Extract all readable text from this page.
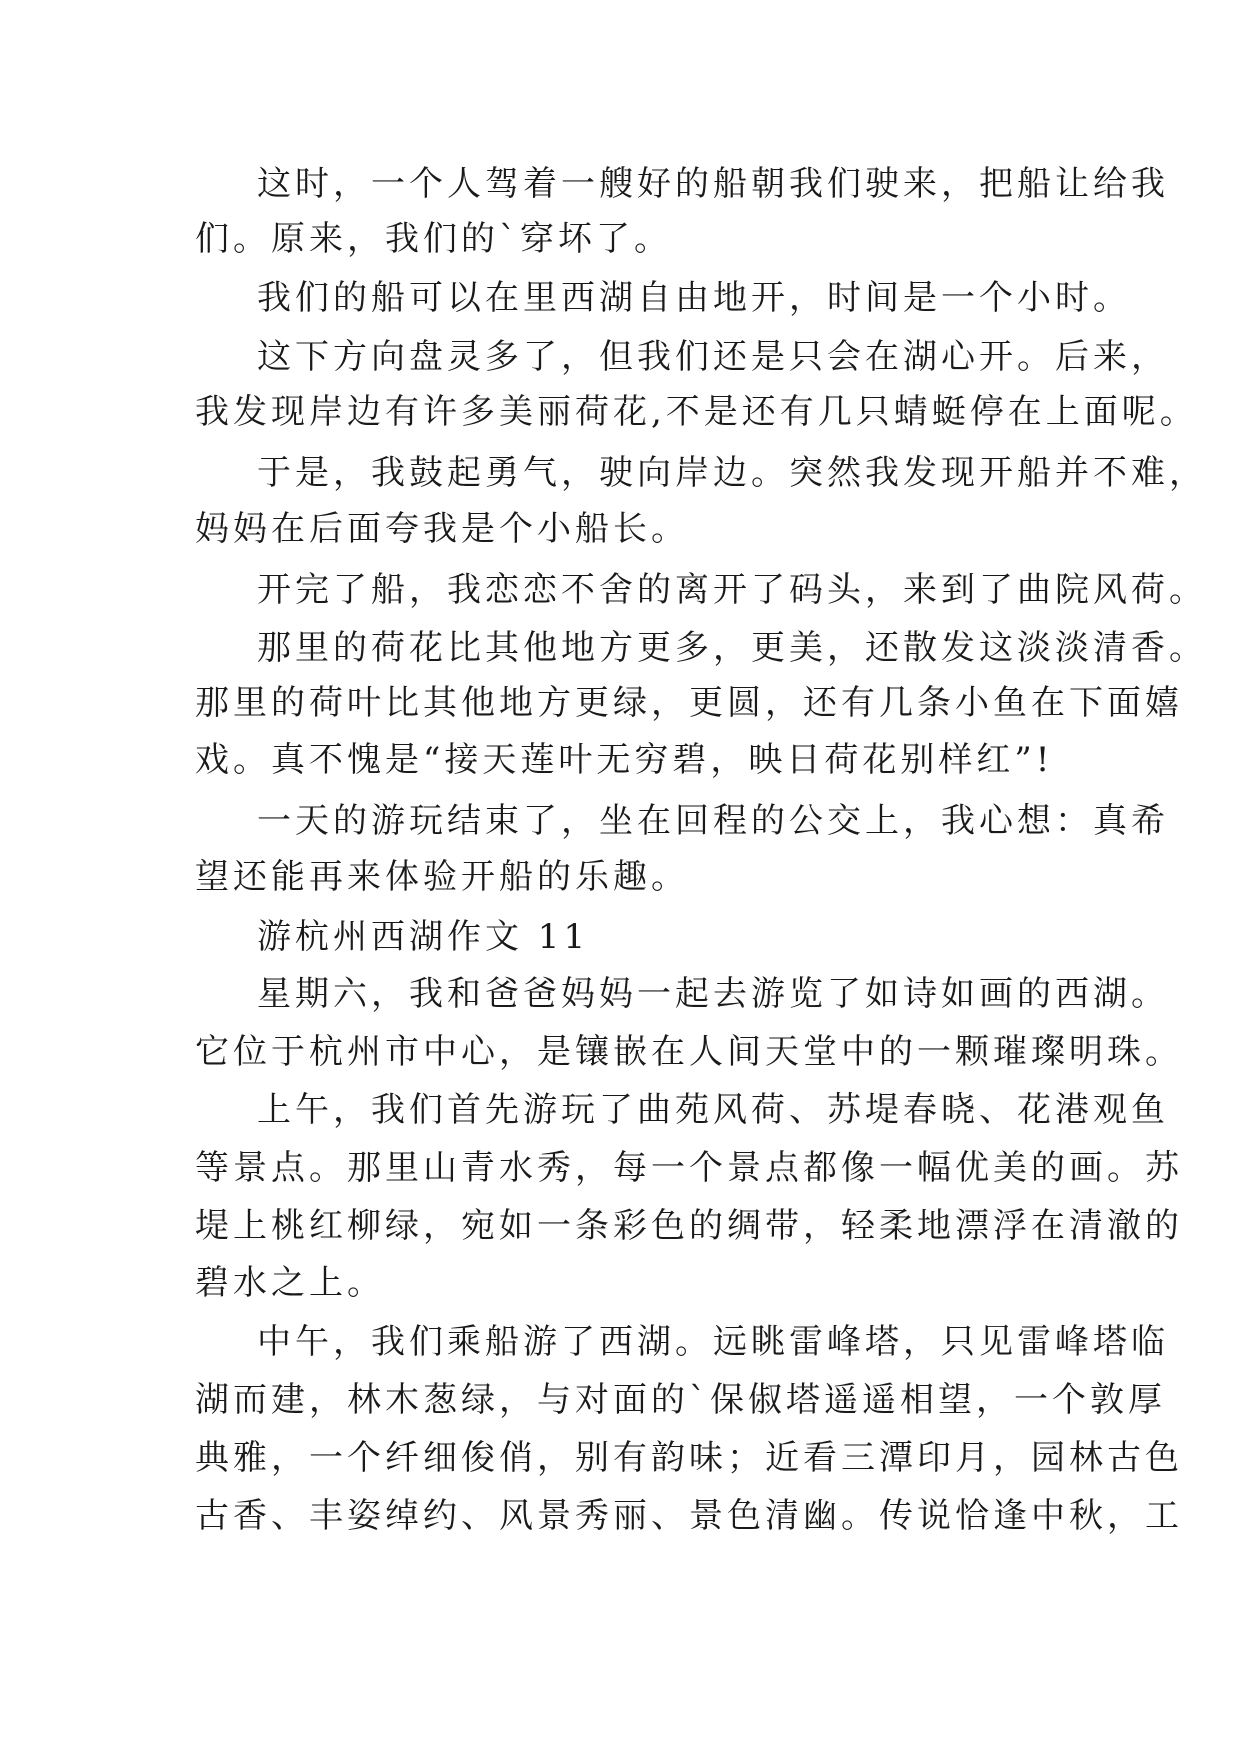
这时，一个人驾着一艘好的船朝我们驶来，把船让给我
们。原来，我们的`穿坏了。
我们的船可以在里西湖自由地开，时间是一个小时。
这下方向盘灵多了，但我们还是只会在湖心开。后来，
我发现岸边有许多美丽荷花,不是还有几只蜻蜓停在上面呢。
于是，我鼓起勇气，驶向岸边。突然我发现开船并不难，
妈妈在后面夸我是个小船长。
开完了船，我恋恋不舍的离开了码头，来到了曲院风荷。
那里的荷花比其他地方更多，更美，还散发这淡淡清香。
那里的荷叶比其他地方更绿，更圆，还有几条小鱼在下面嬉
戏。真不愧是“接天莲叶无穷碧，映日荷花别样红”!
一天的游玩结束了，坐在回程的公交上，我心想：真希
望还能再来体验开船的乐趣。
游杭州西湖作文 11
星期六，我和爸爸妈妈一起去游览了如诗如画的西湖。
它位于杭州市中心，是镶嵌在人间天堂中的一颗璀璨明珠。
上午，我们首先游玩了曲苑风荷、苏堤春晓、花港观鱼
等景点。那里山青水秀，每一个景点都像一幅优美的画。苏
堤上桃红柳绿，宛如一条彩色的绸带，轻柔地漂浮在清澈的
碧水之上。
中午，我们乘船游了西湖。远眺雷峰塔，只见雷峰塔临
湖而建，林木葱绿，与对面的`保俶塔遥遥相望，一个敦厚
典雅，一个纤细俊俏，别有韵味；近看三潭印月，园林古色
古香、丰姿绰约、风景秀丽、景色清幽。传说恰逢中秋，工
